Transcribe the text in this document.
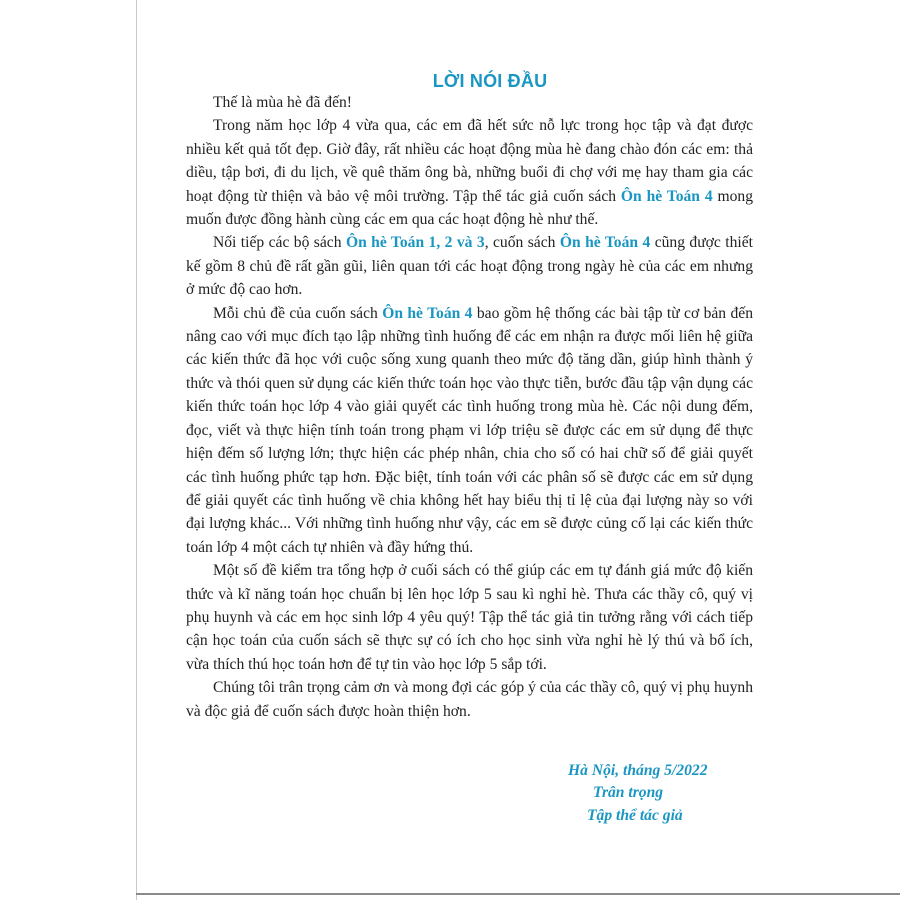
LỜI NÓI ĐẦU

Thế là mùa hè đã đến!

Trong năm học lớp 4 vừa qua, các em đã hết sức nỗ lực trong học tập và đạt được nhiều kết quả tốt đẹp. Giờ đây, rất nhiều các hoạt động mùa hè đang chào đón các em: thả diều, tập bơi, đi du lịch, về quê thăm ông bà, những buổi đi chợ với mẹ hay tham gia các hoạt động từ thiện và bảo vệ môi trường. Tập thể tác giả cuốn sách Ôn hè Toán 4 mong muốn được đồng hành cùng các em qua các hoạt động hè như thế.

Nối tiếp các bộ sách Ôn hè Toán 1, 2 và 3, cuốn sách Ôn hè Toán 4 cũng được thiết kế gồm 8 chủ đề rất gần gũi, liên quan tới các hoạt động trong ngày hè của các em nhưng ở mức độ cao hơn.

Mỗi chủ đề của cuốn sách Ôn hè Toán 4 bao gồm hệ thống các bài tập từ cơ bản đến nâng cao với mục đích tạo lập những tình huống để các em nhận ra được mối liên hệ giữa các kiến thức đã học với cuộc sống xung quanh theo mức độ tăng dần, giúp hình thành ý thức và thói quen sử dụng các kiến thức toán học vào thực tiễn, bước đầu tập vận dụng các kiến thức toán học lớp 4 vào giải quyết các tình huống trong mùa hè. Các nội dung đếm, đọc, viết và thực hiện tính toán trong phạm vi lớp triệu sẽ được các em sử dụng để thực hiện đếm số lượng lớn; thực hiện các phép nhân, chia cho số có hai chữ số để giải quyết các tình huống phức tạp hơn. Đặc biệt, tính toán với các phân số sẽ được các em sử dụng để giải quyết các tình huống về chia không hết hay biểu thị tỉ lệ của đại lượng này so với đại lượng khác... Với những tình huống như vậy, các em sẽ được củng cố lại các kiến thức toán lớp 4 một cách tự nhiên và đầy hứng thú.

Một số đề kiểm tra tổng hợp ở cuối sách có thể giúp các em tự đánh giá mức độ kiến thức và kĩ năng toán học chuẩn bị lên học lớp 5 sau kì nghỉ hè. Thưa các thầy cô, quý vị phụ huynh và các em học sinh lớp 4 yêu quý! Tập thể tác giả tin tưởng rằng với cách tiếp cận học toán của cuốn sách sẽ thực sự có ích cho học sinh vừa nghỉ hè lý thú và bổ ích, vừa thích thú học toán hơn để tự tin vào học lớp 5 sắp tới.

Chúng tôi trân trọng cảm ơn và mong đợi các góp ý của các thầy cô, quý vị phụ huynh và độc giả để cuốn sách được hoàn thiện hơn.

Hà Nội, tháng 5/2022
Trân trọng
Tập thể tác giả
